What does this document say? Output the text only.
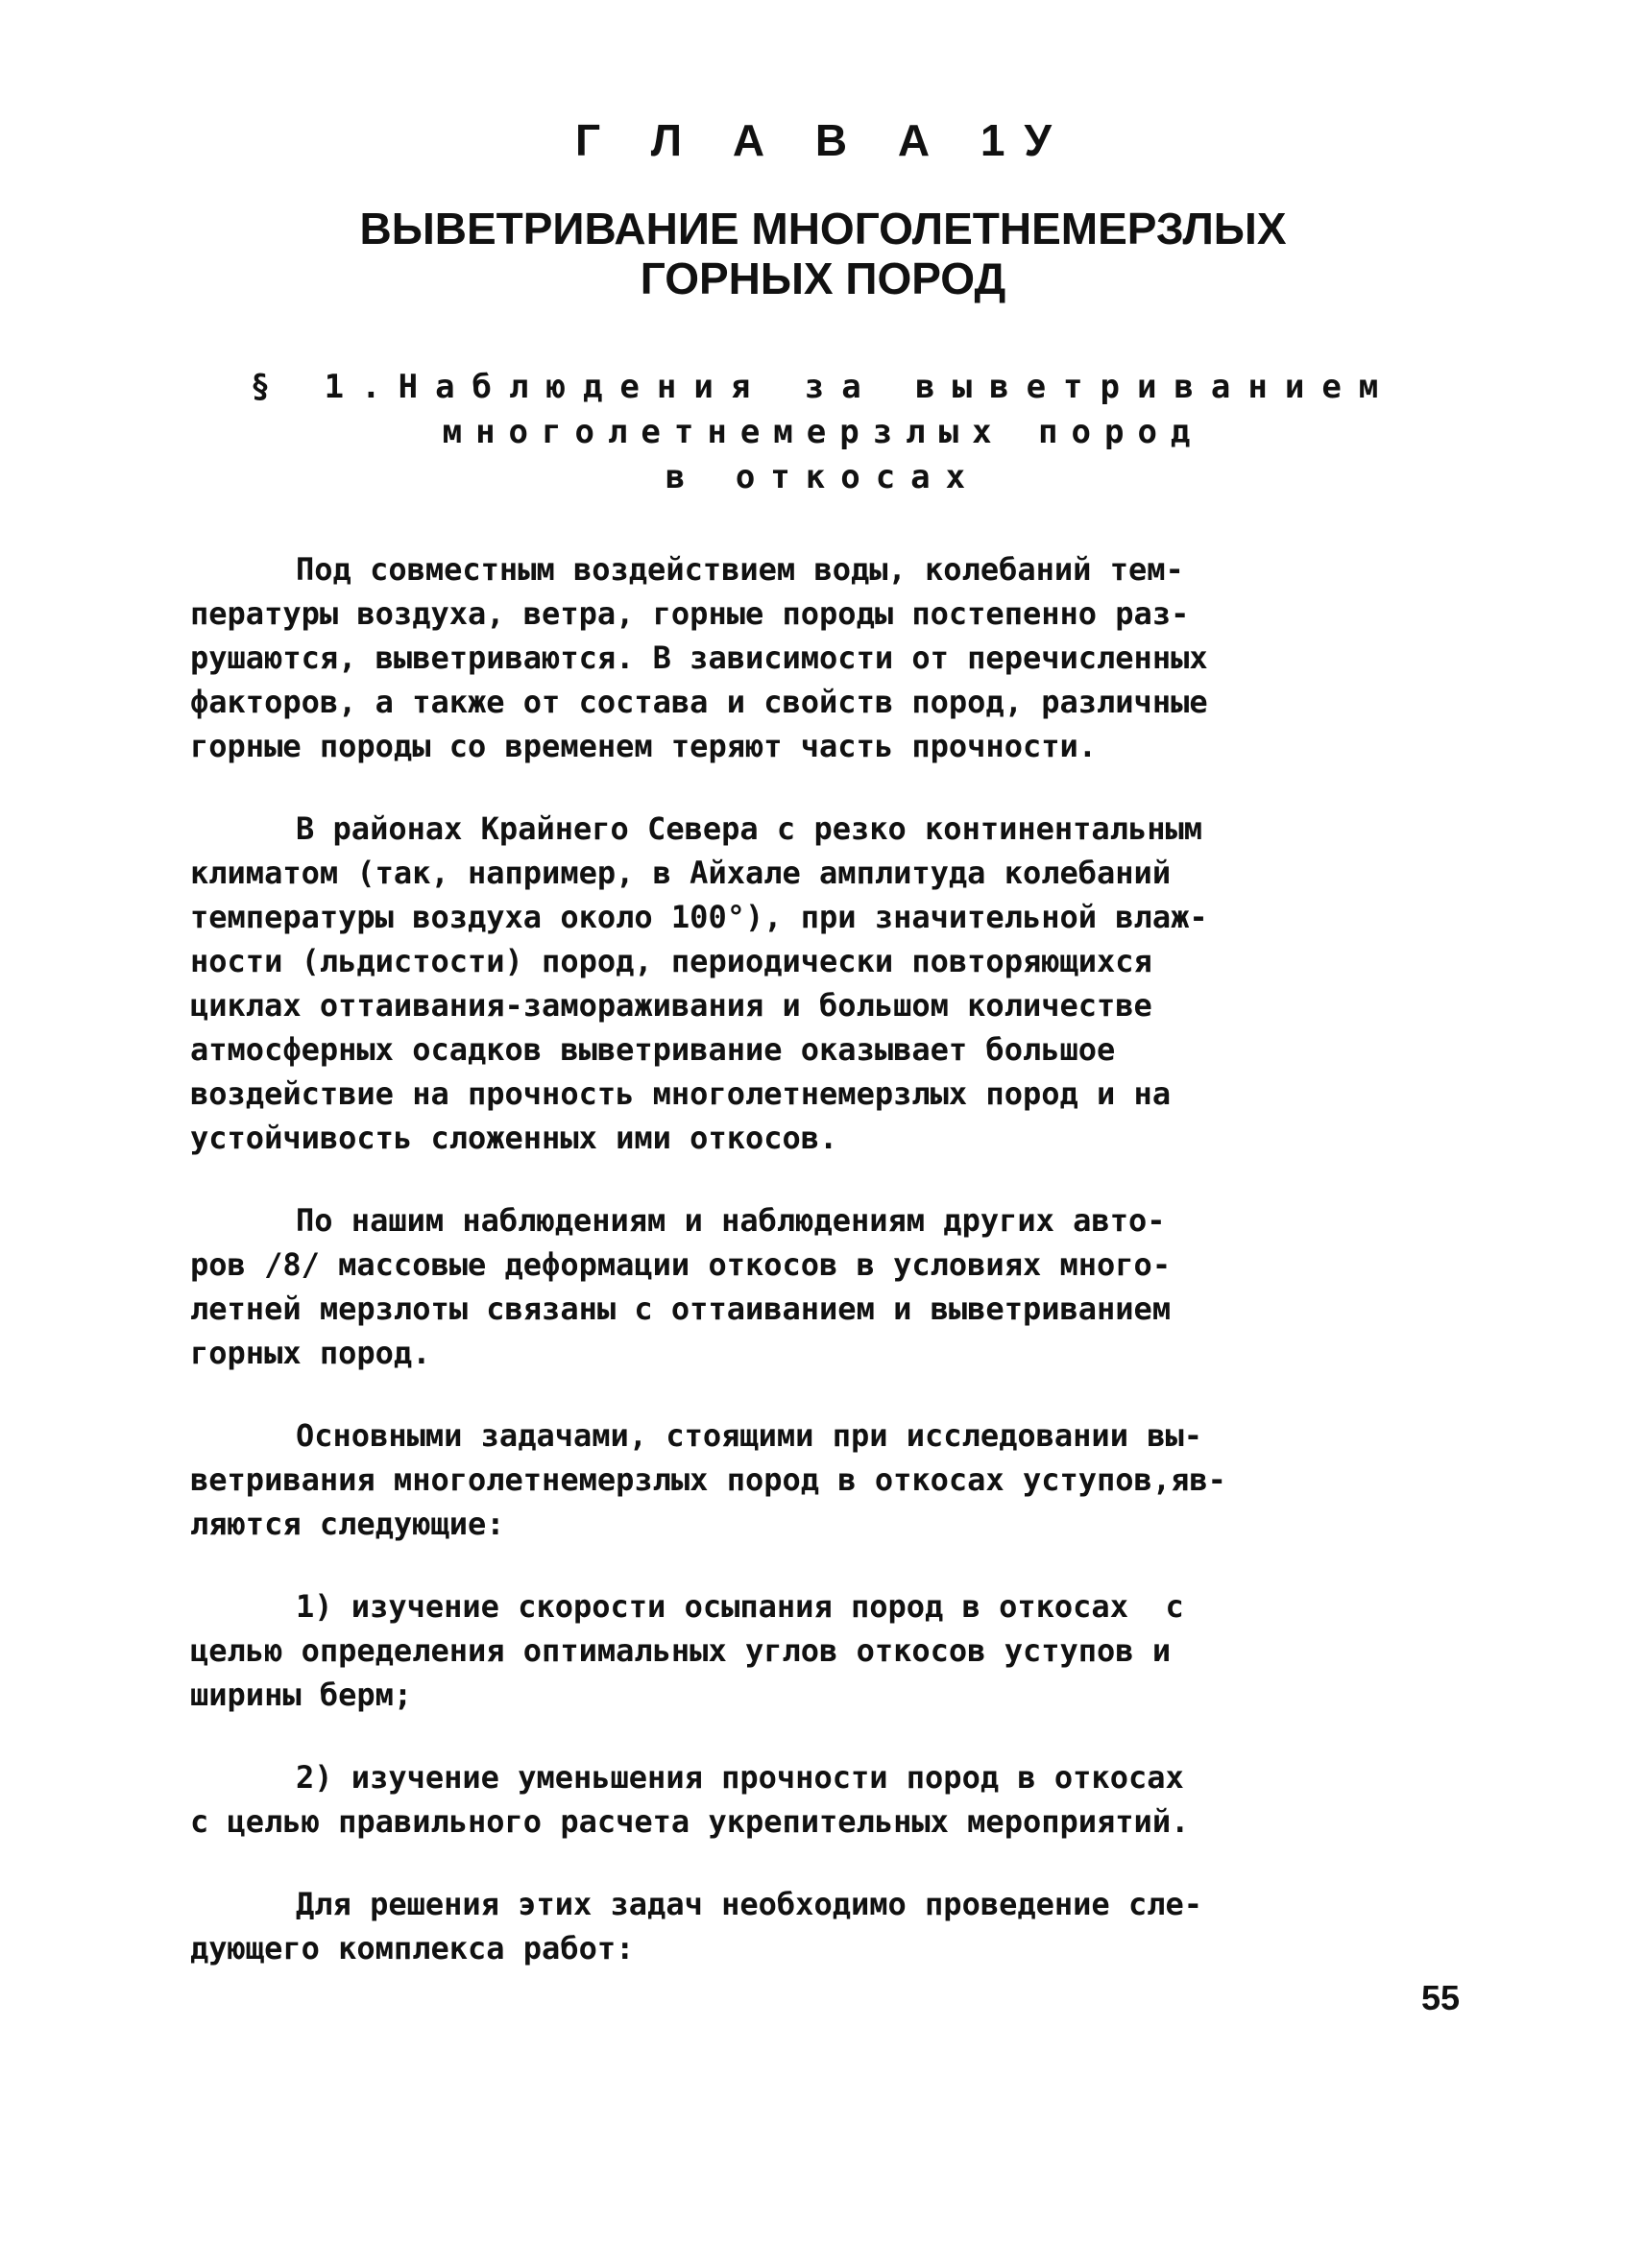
Г Л А В А 1У
ВЫВЕТРИВАНИЕ МНОГОЛЕТНЕМЕРЗЛЫХ
ГОРНЫХ ПОРОД
§ 1.Наблюдения за выветриванием
многолетнемерзлых пород
в откосах
Под совместным воздействием воды, колебаний тем-
пературы воздуха, ветра, горные породы постепенно раз-
рушаются, выветриваются. В зависимости от перечисленных
факторов, а также от состава и свойств пород, различные
горные породы со временем теряют часть прочности.
В районах Крайнего Севера с резко континентальным
климатом (так, например, в Айхале амплитуда колебаний
температуры воздуха около 100°), при значительной влаж-
ности (льдистости) пород, периодически повторяющихся
циклах оттаивания-замораживания и большом количестве
атмосферных осадков выветривание оказывает большое
воздействие на прочность многолетнемерзлых пород и на
устойчивость сложенных ими откосов.
По нашим наблюдениям и наблюдениям других авто-
ров /8/ массовые деформации откосов в условиях много-
летней мерзлоты связаны с оттаиванием и выветриванием
горных пород.
Основными задачами, стоящими при исследовании вы-
ветривания многолетнемерзлых пород в откосах уступов,яв-
ляются следующие:
1) изучение скорости осыпания пород в откосах  с
целью определения оптимальных углов откосов уступов и
ширины берм;
2) изучение уменьшения прочности пород в откосах
с целью правильного расчета укрепительных мероприятий.
Для решения этих задач необходимо проведение сле-
дующего комплекса работ:
55
